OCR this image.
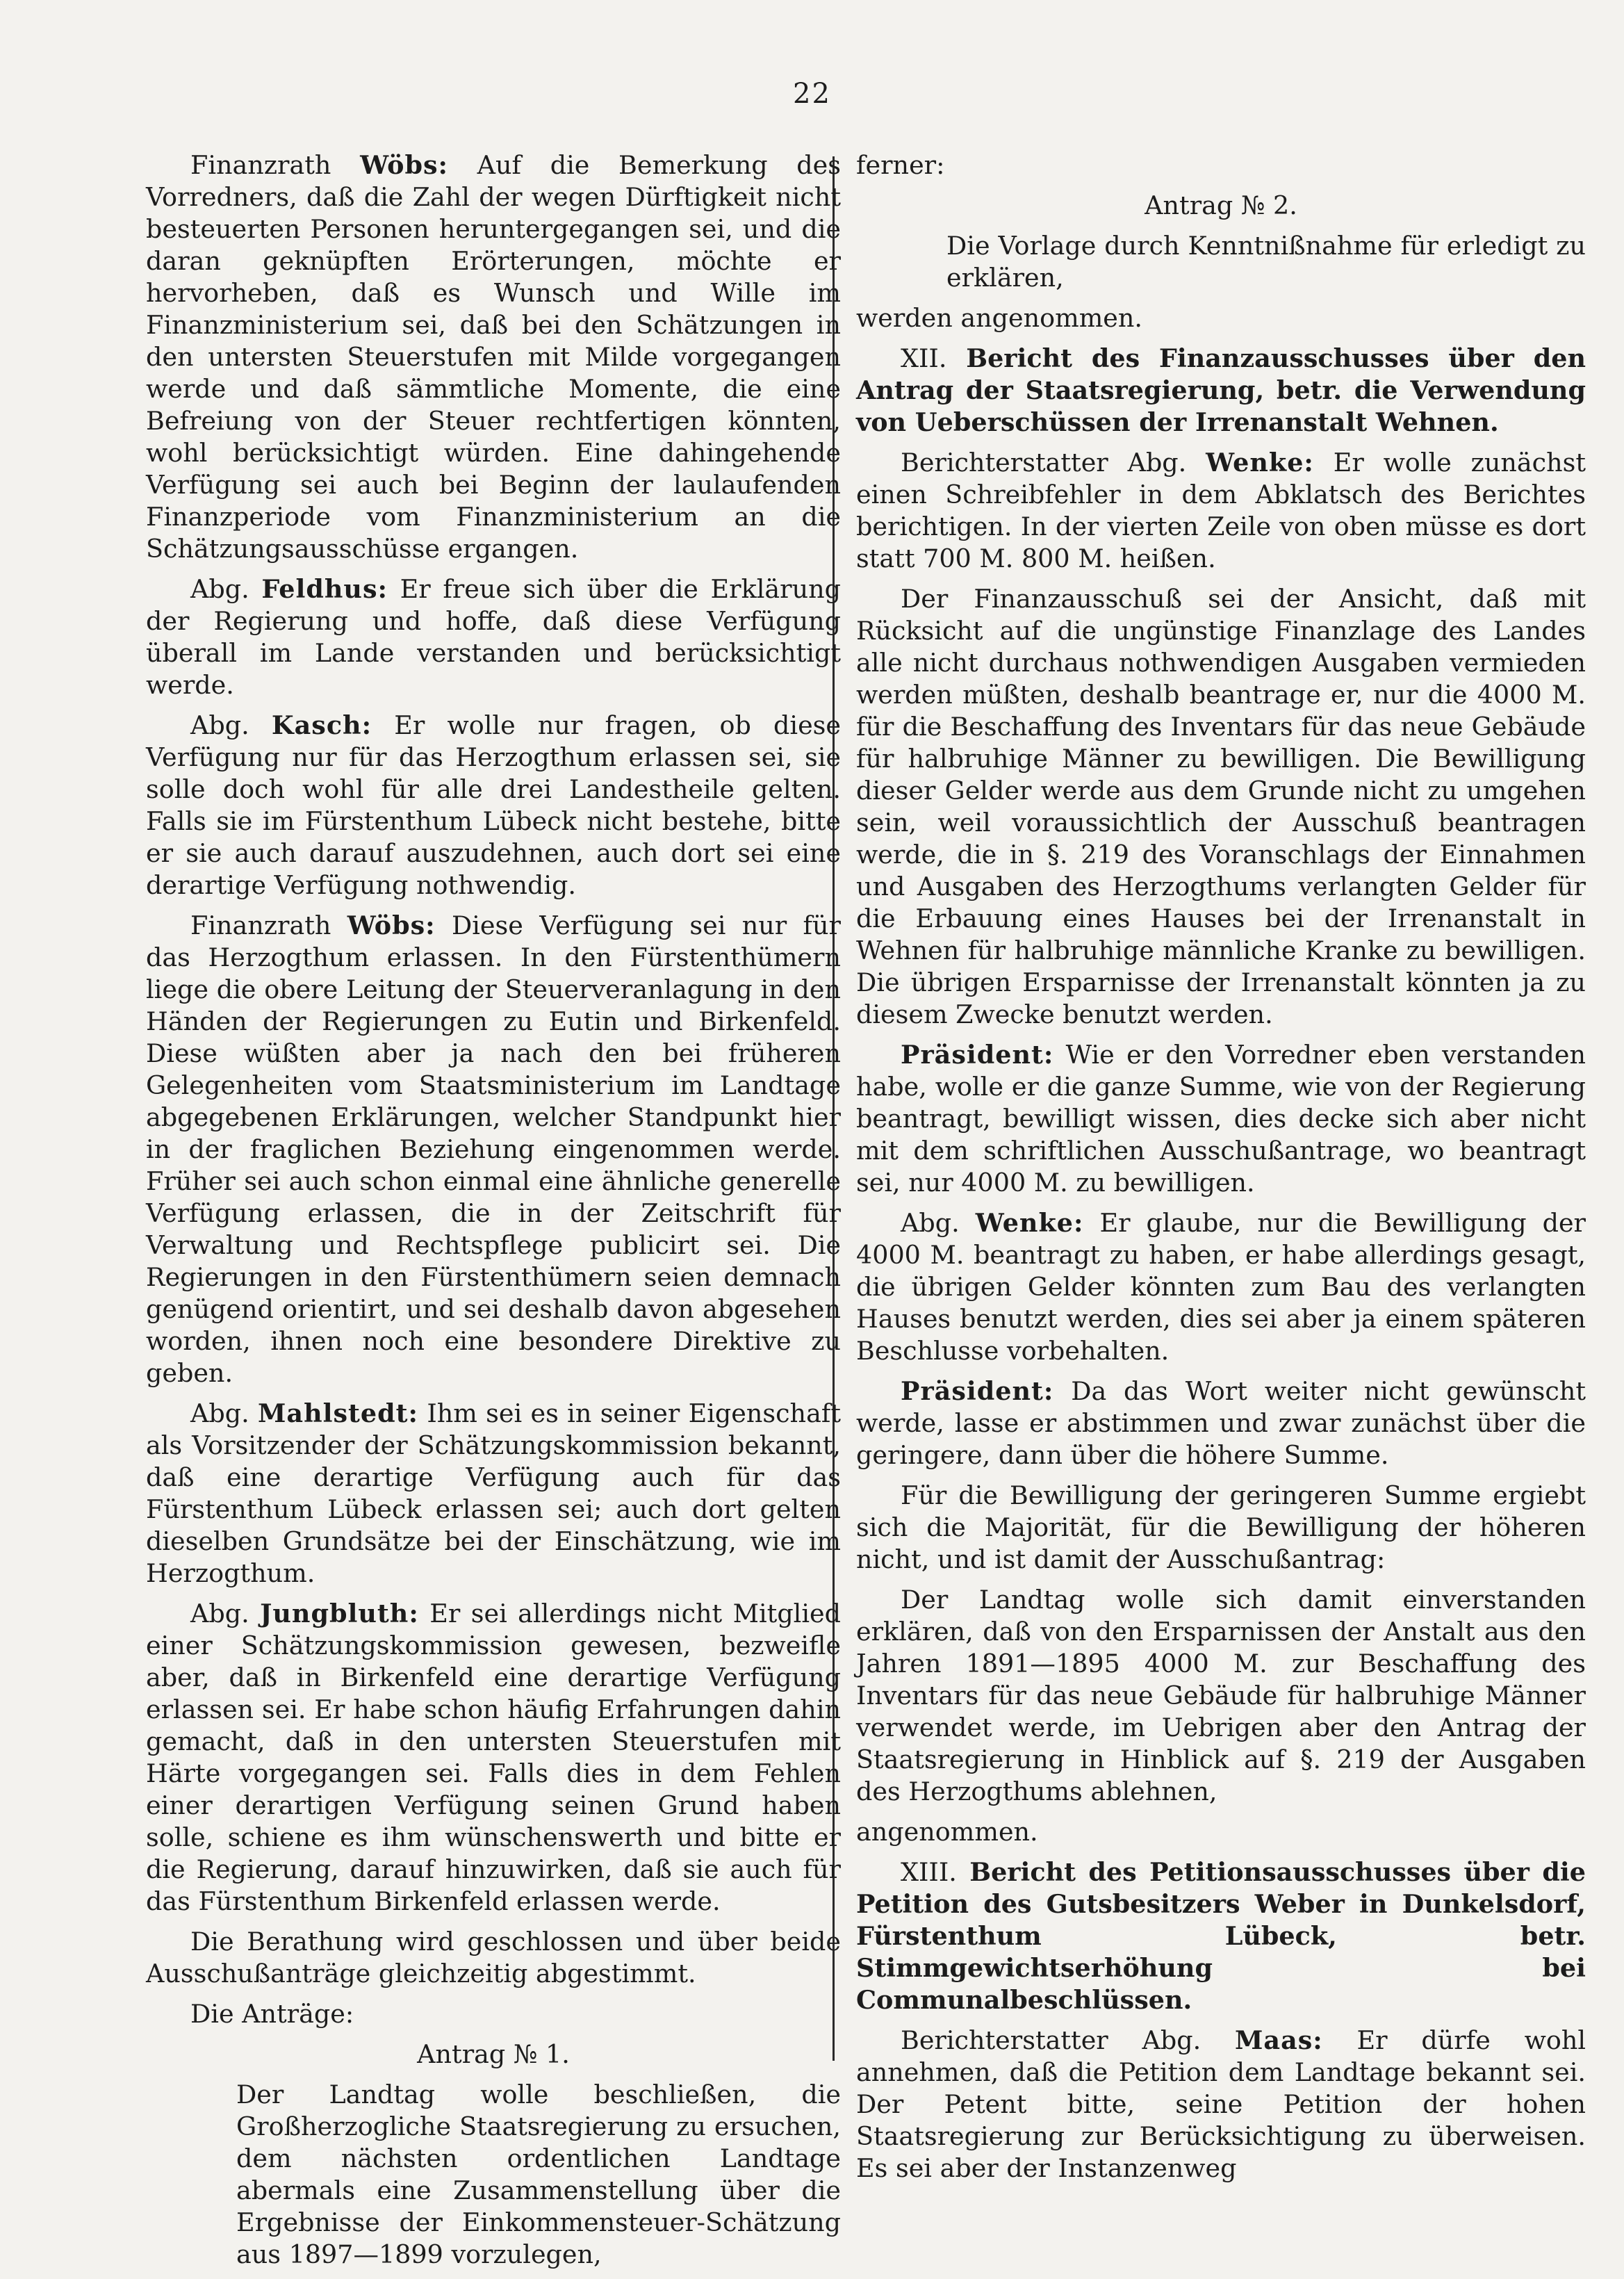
22

Finanzrath Wöbs: Auf die Bemerkung des Vorredners, daß die Zahl der wegen Dürftigkeit nicht besteuerten Personen heruntergegangen sei, und die daran geknüpften Erörterungen, möchte er hervorheben, daß es Wunsch und Wille im Finanzministerium sei, daß bei den Schätzungen in den untersten Steuerstufen mit Milde vorgegangen werde und daß sämmtliche Momente, die eine Befreiung von der Steuer rechtfertigen könnten, wohl berücksichtigt würden. Eine dahingehende Verfügung sei auch bei Beginn der laulaufenden Finanzperiode vom Finanzministerium an die Schätzungsausschüsse ergangen.

Abg. Feldhus: Er freue sich über die Erklärung der Regierung und hoffe, daß diese Verfügung überall im Lande verstanden und berücksichtigt werde.

Abg. Kasch: Er wolle nur fragen, ob diese Verfügung nur für das Herzogthum erlassen sei, sie solle doch wohl für alle drei Landestheile gelten. Falls sie im Fürstenthum Lübeck nicht bestehe, bitte er sie auch darauf auszudehnen, auch dort sei eine derartige Verfügung nothwendig.

Finanzrath Wöbs: Diese Verfügung sei nur für das Herzogthum erlassen. In den Fürstenthümern liege die obere Leitung der Steuerveranlagung in den Händen der Regierungen zu Eutin und Birkenfeld. Diese wüßten aber ja nach den bei früheren Gelegenheiten vom Staatsministerium im Landtage abgegebenen Erklärungen, welcher Standpunkt hier in der fraglichen Beziehung eingenommen werde. Früher sei auch schon einmal eine ähnliche generelle Verfügung erlassen, die in der Zeitschrift für Verwaltung und Rechtspflege publicirt sei. Die Regierungen in den Fürstenthümern seien demnach genügend orientirt, und sei deshalb davon abgesehen worden, ihnen noch eine besondere Direktive zu geben.

Abg. Mahlstedt: Ihm sei es in seiner Eigenschaft als Vorsitzender der Schätzungskommission bekannt, daß eine derartige Verfügung auch für das Fürstenthum Lübeck erlassen sei; auch dort gelten dieselben Grundsätze bei der Einschätzung, wie im Herzogthum.

Abg. Jungbluth: Er sei allerdings nicht Mitglied einer Schätzungskommission gewesen, bezweifle aber, daß in Birkenfeld eine derartige Verfügung erlassen sei. Er habe schon häufig Erfahrungen dahin gemacht, daß in den untersten Steuerstufen mit Härte vorgegangen sei. Falls dies in dem Fehlen einer derartigen Verfügung seinen Grund haben solle, schiene es ihm wünschenswerth und bitte er die Regierung, darauf hinzuwirken, daß sie auch für das Fürstenthum Birkenfeld erlassen werde.

Die Berathung wird geschlossen und über beide Ausschußanträge gleichzeitig abgestimmt.

Die Anträge:

Antrag № 1.

Der Landtag wolle beschließen, die Großherzogliche Staatsregierung zu ersuchen, dem nächsten ordentlichen Landtage abermals eine Zusammenstellung über die Ergebnisse der Einkommensteuer-Schätzung aus 1897—1899 vorzulegen,

ferner:

Antrag № 2.

Die Vorlage durch Kenntnißnahme für erledigt zu erklären,

werden angenommen.

XII. Bericht des Finanzausschusses über den Antrag der Staatsregierung, betr. die Verwendung von Ueberschüssen der Irrenanstalt Wehnen.

Berichterstatter Abg. Wenke: Er wolle zunächst einen Schreibfehler in dem Abklatsch des Berichtes berichtigen. In der vierten Zeile von oben müsse es dort statt 700 M. 800 M. heißen.

Der Finanzausschuß sei der Ansicht, daß mit Rücksicht auf die ungünstige Finanzlage des Landes alle nicht durchaus nothwendigen Ausgaben vermieden werden müßten, deshalb beantrage er, nur die 4000 M. für die Beschaffung des Inventars für das neue Gebäude für halbruhige Männer zu bewilligen. Die Bewilligung dieser Gelder werde aus dem Grunde nicht zu umgehen sein, weil voraussichtlich der Ausschuß beantragen werde, die in §. 219 des Voranschlags der Einnahmen und Ausgaben des Herzogthums verlangten Gelder für die Erbauung eines Hauses bei der Irrenanstalt in Wehnen für halbruhige männliche Kranke zu bewilligen. Die übrigen Ersparnisse der Irrenanstalt könnten ja zu diesem Zwecke benutzt werden.

Präsident: Wie er den Vorredner eben verstanden habe, wolle er die ganze Summe, wie von der Regierung beantragt, bewilligt wissen, dies decke sich aber nicht mit dem schriftlichen Ausschußantrage, wo beantragt sei, nur 4000 M. zu bewilligen.

Abg. Wenke: Er glaube, nur die Bewilligung der 4000 M. beantragt zu haben, er habe allerdings gesagt, die übrigen Gelder könnten zum Bau des verlangten Hauses benutzt werden, dies sei aber ja einem späteren Beschlusse vorbehalten.

Präsident: Da das Wort weiter nicht gewünscht werde, lasse er abstimmen und zwar zunächst über die geringere, dann über die höhere Summe.

Für die Bewilligung der geringeren Summe ergiebt sich die Majorität, für die Bewilligung der höheren nicht, und ist damit der Ausschußantrag:

Der Landtag wolle sich damit einverstanden erklären, daß von den Ersparnissen der Anstalt aus den Jahren 1891—1895 4000 M. zur Beschaffung des Inventars für das neue Gebäude für halbruhige Männer verwendet werde, im Uebrigen aber den Antrag der Staatsregierung in Hinblick auf §. 219 der Ausgaben des Herzogthums ablehnen,

angenommen.

XIII. Bericht des Petitionsausschusses über die Petition des Gutsbesitzers Weber in Dunkelsdorf, Fürstenthum Lübeck, betr. Stimmgewichtserhöhung bei Communalbeschlüssen.

Berichterstatter Abg. Maas: Er dürfe wohl annehmen, daß die Petition dem Landtage bekannt sei. Der Petent bitte, seine Petition der hohen Staatsregierung zur Berücksichtigung zu überweisen. Es sei aber der Instanzenweg
